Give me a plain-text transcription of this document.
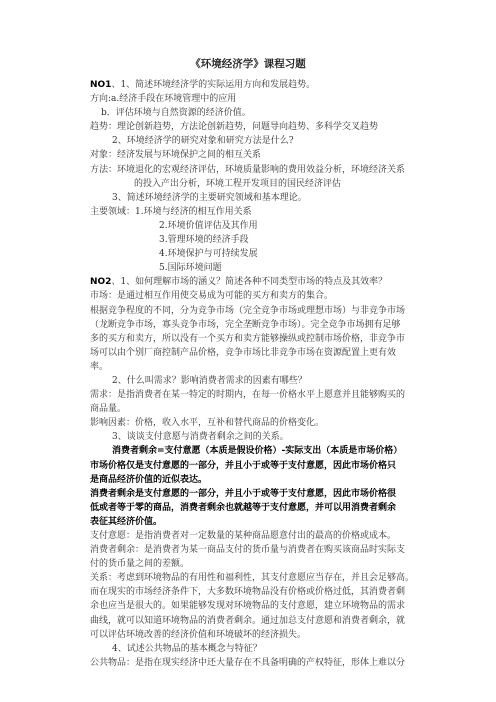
《环境经济学》课程习题
NO1、1、简述环境经济学的实际运用方向和发展趋势。
方向:a.经济手段在环境管理中的应用
b．评估环境与自然资源的经济价值。
趋势：理论创新趋势，方法论创新趋势，问题导向趋势、多科学交叉趋势
2、环境经济学的研究对象和研究方法是什么?
对象：经济发展与环境保护之间的相互关系
方法：环境退化的宏观经济评估，环境质量影响的费用效益分析，环境经济关系
的投入产出分析，环境工程开发项目的国民经济评估
3、简述环境经济学的主要研究领域和基本理论。
主要领域：1.环境与经济的相互作用关系
2.环境价值评估及其作用
3.管理环境的经济手段
4.环境保护与可持续发展
5.国际环境问题
NO2、1、如何理解市场的涵义？简述各种不同类型市场的特点及其效率？
市场：是通过相互作用使交易成为可能的买方和卖方的集合。
根据竞争程度的不同，分为竞争市场（完全竞争市场或理想市场）与非竞争市场
（龙断竞争市场，寡头竞争市场，完全垄断竞争市场）。完全竞争市场拥有足够
多的买方和卖方，所以没有一个买方和卖方能够操纵或控制市场价格，非竞争市
场可以由个别厂商控制产品价格，竞争市场比非竞争市场在资源配置上更有效
率。
2、什么叫需求？影响消费者需求的因素有哪些？
需求：是指消费者在某一特定的时期内，在每一价格水平上愿意并且能够购买的
商品量。
影响因素：价格，收入水平，互补和替代商品的价格变化。
3、谈谈支付意愿与消费者剩余之间的关系。
消费者剩余=支付意愿（本质是假设价格）-实际支出（本质是市场价格）
市场价格仅是支付意愿的一部分，并且小于或等于支付意愿，因此市场价格只
是商品经济价值的近似表达。
消费者剩余是支付意愿的一部分，并且小于或等于支付意愿，因此市场价格很
低或者等于零的商品，消费者剩余也就越等于支付意愿，并可以用消费者剩余
表征其经济价值。
支付意愿：是指消费者对一定数量的某种商品愿意付出的最高的价格或成本。
消费者剩余：是消费者为某一商品支付的货币量与消费者在购买该商品时实际支
付的货币量之间的差额。
关系：考虑到环境物品的有用性和福利性，其支付意愿应当存在，并且会足够高。
而在现实的市场经济条件下，大多数环境物品没有价格或价格过低，其消费者剩
余也应当是很大的。如果能够发现对环境物品的支付意愿，建立环境物品的需求
曲线，就可以知道环境物品的消费者剩余。通过加总支付意愿和消费者剩余，就
可以评估环境改善的经济价值和环境破坏的经济损失。
4、试述公共物品的基本概念与特征？
公共物品：是指在现实经济中还大量存在不具备明确的产权特征，形体上难以分
